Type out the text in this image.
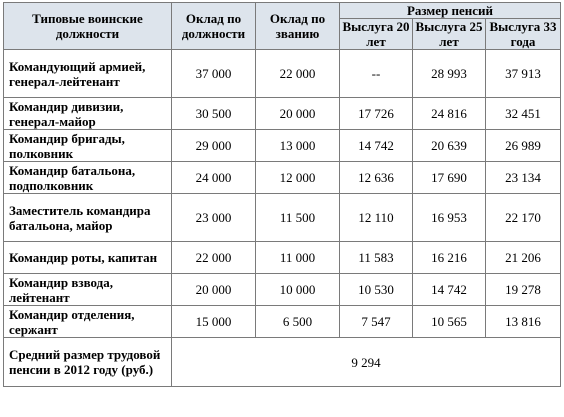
Типовые воинские должности	Оклад по должности	Оклад по званию	Размер пенсий		
			Выслуга 20 лет	Выслуга 25 лет	Выслуга 33 года
Командующий армией, генерал-лейтенант	37 000	22 000	--	28 993	37 913
Командир дивизии, генерал-майор	30 500	20 000	17 726	24 816	32 451
Командир бригады, полковник	29 000	13 000	14 742	20 639	26 989
Командир батальона, подполковник	24 000	12 000	12 636	17 690	23 134
Заместитель командира батальона, майор	23 000	11 500	12 110	16 953	22 170
Командир роты, капитан	22 000	11 000	11 583	16 216	21 206
Командир взвода, лейтенант	20 000	10 000	10 530	14 742	19 278
Командир отделения, сержант	15 000	6 500	7 547	10 565	13 816
Средний размер трудовой пенсии в 2012 году (руб.)	9 294				
